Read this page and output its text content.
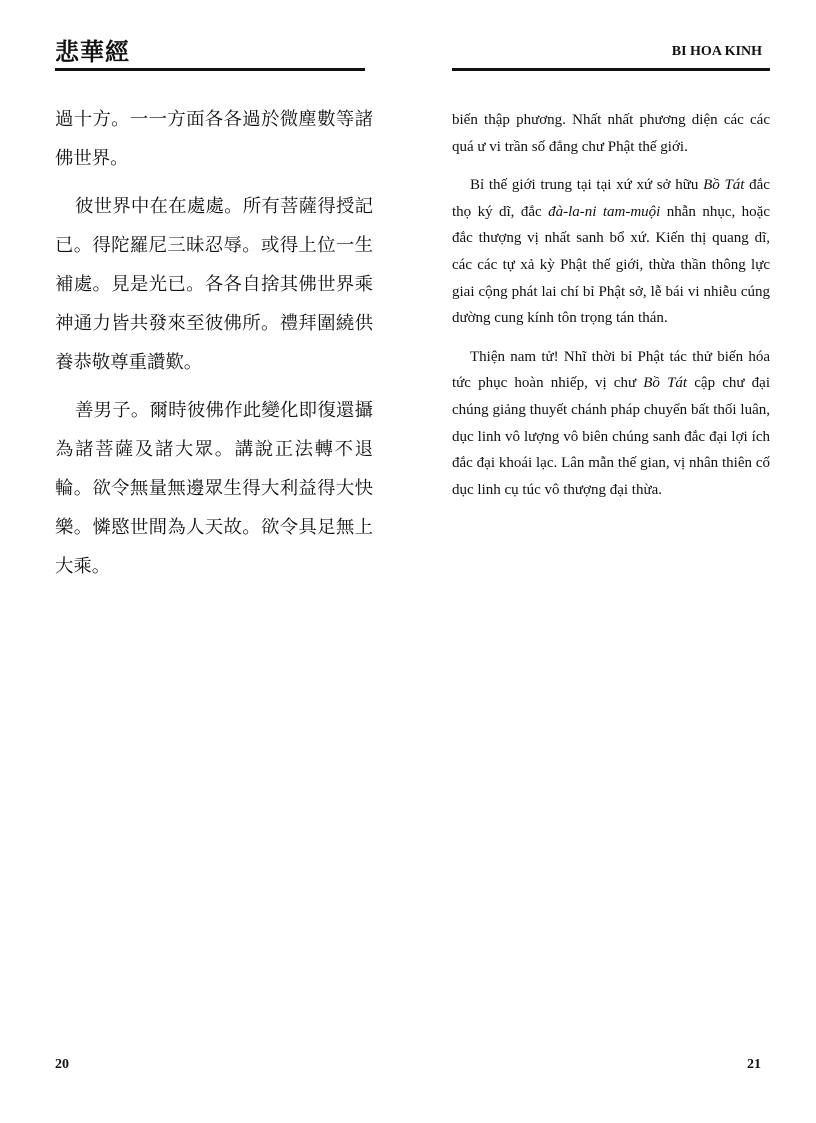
悲華經

過十方。一一方面各各過於微塵數等諸佛世界。

彼世界中在在處處。所有菩薩得授記已。得陀羅尼三昧忍辱。或得上位一生補處。見是光已。各各自捨其佛世界乘神通力皆共發來至彼佛所。禮拜圍繞供養恭敬尊重讚歎。

善男子。爾時彼佛作此變化即復還攝為諸菩薩及諸大眾。講說正法轉不退輪。欲令無量無邊眾生得大利益得大快樂。憐愍世間為人天故。欲令具足無上大乘。

20
BI HOA KINH

biến thập phương. Nhất nhất phương diện các các quá ư vi trần số đẳng chư Phật thế giới.

Bỉ thế giới trung tại tại xứ xứ sở hữu Bồ Tát đắc thọ ký dĩ, đắc đà-la-ni tam-muội nhẫn nhục, hoặc đắc thượng vị nhất sanh bổ xứ. Kiến thị quang dĩ, các các tự xả kỳ Phật thế giới, thừa thần thông lực giai cộng phát lai chí bỉ Phật sở, lễ bái vi nhiễu cúng dường cung kính tôn trọng tán thán.

Thiện nam tử! Nhĩ thời bỉ Phật tác thử biến hóa tức phục hoàn nhiếp, vị chư Bồ Tát cập chư đại chúng giảng thuyết chánh pháp chuyển bất thối luân, dục linh vô lượng vô biên chúng sanh đắc đại lợi ích đắc đại khoái lạc. Lân mẫn thế gian, vị nhân thiên cố dục linh cụ túc vô thượng đại thừa.

21
